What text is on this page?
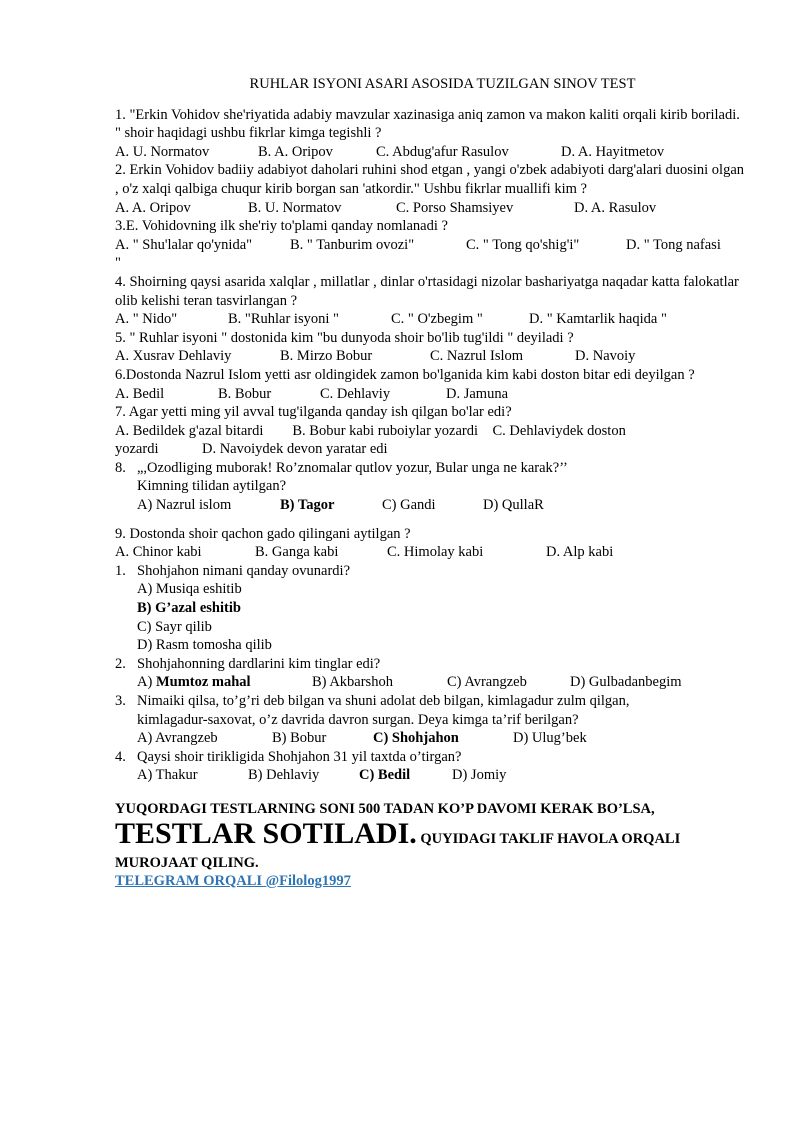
RUHLAR ISYONI ASARI ASOSIDA TUZILGAN SINOV TEST
1. "Erkin Vohidov she'riyatida adabiy mavzular xazinasiga aniq zamon va makon kaliti orqali kirib boriladi. " shoir haqidagi ushbu fikrlar kimga tegishli ?
A. U. Normatov	B. A. Oripov	C. Abdug'afur Rasulov	D. A. Hayitmetov
2. Erkin Vohidov badiiy adabiyot daholari ruhini shod etgan , yangi o'zbek adabiyoti darg'alari duosini olgan , o'z xalqi qalbiga chuqur kirib borgan san 'atkordir." Ushbu fikrlar muallifi kim ?
A. A. Oripov	B. U. Normatov	C. Porso Shamsiyev	D. A. Rasulov
3.E. Vohidovning ilk she'riy to'plami qanday nomlanadi ?
A. " Shu'lalar qo'ynida"	B. " Tanburim ovozi"	C. " Tong qo'shig'i"	D. " Tong nafasi
"
4. Shoirning qaysi asarida xalqlar , millatlar , dinlar o'rtasidagi nizolar bashariyatga naqadar katta falokatlar olib kelishi teran tasvirlangan ?
A. " Nido"	B. "Ruhlar isyoni "	C. " O'zbegim "	D. " Kamtarlik haqida "
5. " Ruhlar isyoni " dostonida kim "bu dunyoda shoir bo'lib tug'ildi " deyiladi ?
A. Xusrav Dehlaviy	B. Mirzo Bobur	C. Nazrul Islom	D. Navoiy
6.Dostonda Nazrul Islom yetti asr oldingidek zamon bo'lganida kim kabi doston bitar edi deyilgan ?
A. Bedil	B. Bobur	C. Dehlaviy	D. Jamuna
7. Agar yetti ming yil avval tug'ilganda qanday ish qilgan bo'lar edi?
A. Bedildek g'azal bitardi        B. Bobur kabi ruboiylar yozardi    C. Dehlaviydek doston
yozardi            D. Navoiydek devon yaratar edi
8. „,Ozodliging muborak! Ro’znomalar qutlov yozur, Bular unga ne karak?’’
Kimning tilidan aytilgan?
A) Nazrul islom	B) Tagor	C) Gandi	D) QullaR
9. Dostonda shoir qachon gado qilingani aytilgan ?
A. Chinor kabi	B. Ganga kabi	C. Himolay kabi	D. Alp kabi
1. Shohjahon nimani qanday ovunardi?
A) Musiqa eshitib
B) G’azal eshitib
C) Sayr qilib
D) Rasm tomosha qilib
2. Shohjahonning dardlarini kim tinglar edi?
A) Mumtoz mahal	B) Akbarshoh	C) Avrangzeb	D) Gulbadanbegim
3. Nimaiki qilsa, to’g’ri deb bilgan va shuni adolat deb bilgan, kimlagadur zulm qilgan,
kimlagadur-saxovat, o’z davrida davron surgan. Deya kimga ta’rif berilgan?
A) Avrangzeb	B) Bobur	C) Shohjahon	D) Ulug’bek
4. Qaysi shoir tirikligida Shohjahon 31 yil taxtda o’tirgan?
A) Thakur	B) Dehlaviy	C) Bedil	D) Jomiy
YUQORDAGI TESTLARNING SONI 500 TADAN KO’P DAVOMI KERAK BO’LSA,
TESTLAR SOTILADI. QUYIDAGI TAKLIF HAVOLA ORQALI
MUROJAAT QILING.
TELEGRAM ORQALI @Filolog1997
